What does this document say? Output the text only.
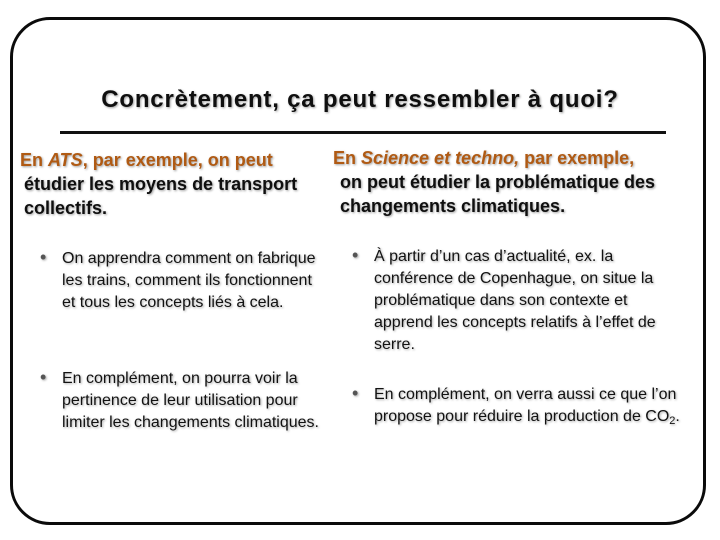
Concrètement, ça peut ressembler à quoi?
En ATS, par exemple, on peut
étudier les moyens de transport collectifs.
En Science et techno, par exemple,
on peut étudier la problématique des changements climatiques.
• On apprendra comment on fabrique les trains, comment ils fonctionnent et tous les concepts liés à cela.
• En complément, on pourra voir la pertinence de leur utilisation pour limiter les changements climatiques.
• À partir d’un cas d’actualité, ex. la conférence de Copenhague, on situe la problématique dans son contexte et apprend les concepts relatifs à l’effet de serre.
• En complément, on verra aussi ce que l’on propose pour réduire la production de $CO_2$.
